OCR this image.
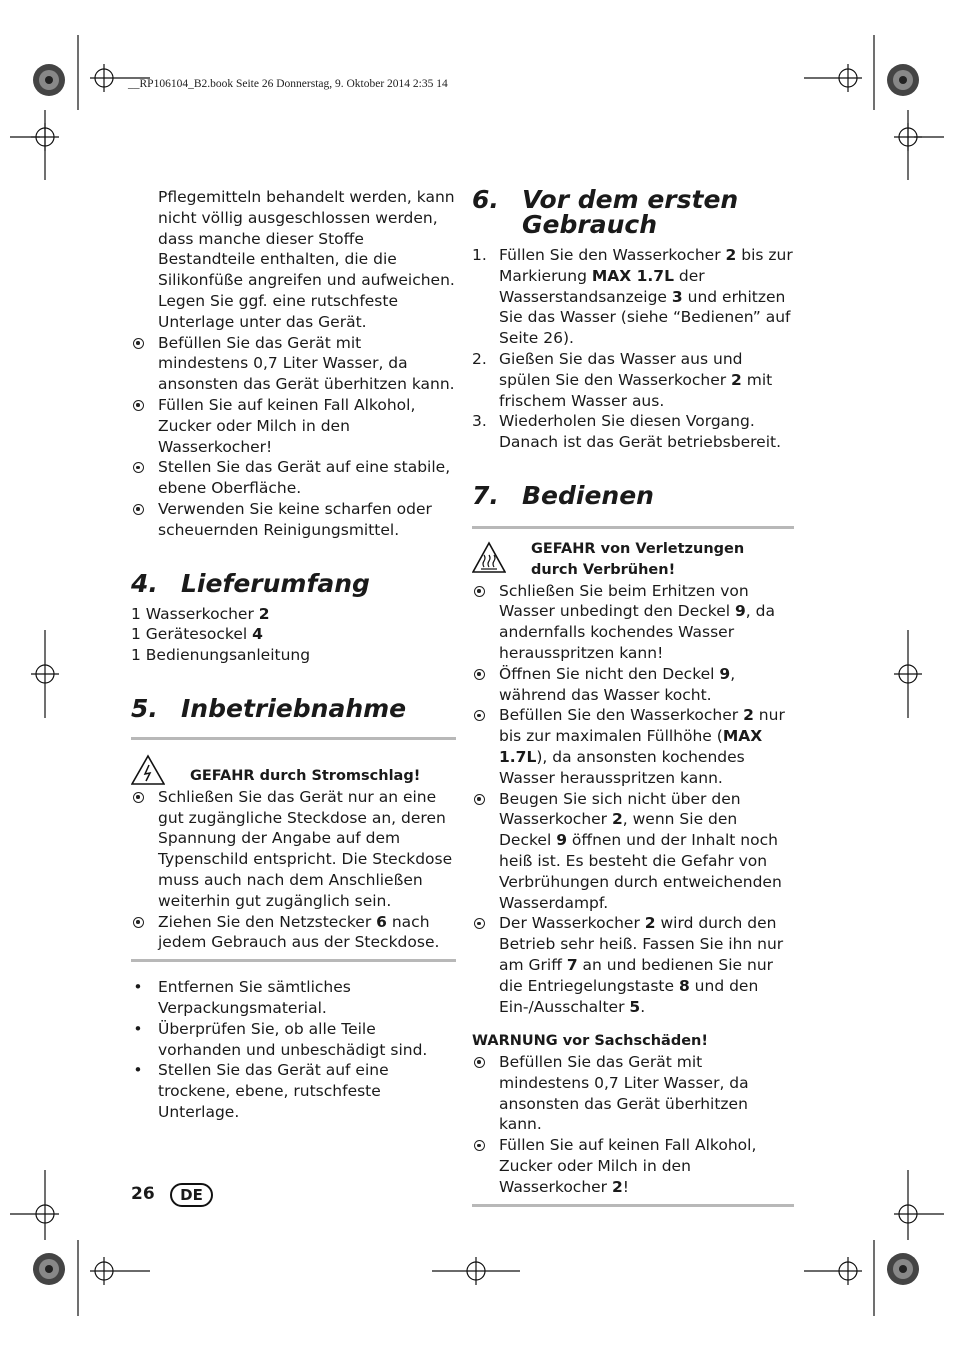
__RP106104_B2.book Seite 26 Donnerstag, 9. Oktober 2014 2:35 14

Pflegemitteln behandelt werden, kann nicht völlig ausgeschlossen werden, dass manche dieser Stoffe Bestandteile enthalten, die die Silikonfüße angreifen und aufweichen. Legen Sie ggf. eine rutschfeste Unterlage unter das Gerät.

Befüllen Sie das Gerät mit mindestens 0,7 Liter Wasser, da ansonsten das Gerät überhitzen kann.
Füllen Sie auf keinen Fall Alkohol, Zucker oder Milch in den Wasserkocher!
Stellen Sie das Gerät auf eine stabile, ebene Oberfläche.
Verwenden Sie keine scharfen oder scheuernden Reinigungsmittel.
4. Lieferumfang

1 Wasserkocher 2

1 Gerätesockel 4

1 Bedienungsanleitung

5. Inbetriebnahme
GEFAHR durch Stromschlag!
Schließen Sie das Gerät nur an eine gut zugängliche Steckdose an, deren Spannung der Angabe auf dem Typenschild entspricht. Die Steckdose muss auch nach dem Anschließen weiterhin gut zugänglich sein.
Ziehen Sie den Netzstecker 6 nach jedem Gebrauch aus der Steckdose.
• Entfernen Sie sämtliches Verpackungsmaterial.
• Überprüfen Sie, ob alle Teile vorhanden und unbeschädigt sind.
• Stellen Sie das Gerät auf eine trockene, ebene, rutschfeste Unterlage.
6. Vor dem ersten Gebrauch
1. Füllen Sie den Wasserkocher 2 bis zur Markierung MAX 1.7L der Wasserstandsanzeige 3 und erhitzen Sie das Wasser (siehe “Bedienen” auf Seite 26).
2. Gießen Sie das Wasser aus und spülen Sie den Wasserkocher 2 mit frischem Wasser aus.
3. Wiederholen Sie diesen Vorgang. Danach ist das Gerät betriebsbereit.
7. Bedienen
GEFAHR von Verletzungen durch Verbrühen!
Schließen Sie beim Erhitzen von Wasser unbedingt den Deckel 9, da andernfalls kochendes Wasser herausspritzen kann!
Öffnen Sie nicht den Deckel 9, während das Wasser kocht.
Befüllen Sie den Wasserkocher 2 nur bis zur maximalen Füllhöhe (MAX 1.7L), da ansonsten kochendes Wasser herausspritzen kann.
Beugen Sie sich nicht über den Wasserkocher 2, wenn Sie den Deckel 9 öffnen und der Inhalt noch heiß ist. Es besteht die Gefahr von Verbrühungen durch entweichenden Wasserdampf.
Der Wasserkocher 2 wird durch den Betrieb sehr heiß. Fassen Sie ihn nur am Griff 7 an und bedienen Sie nur die Entriegelungstaste 8 und den Ein-/Ausschalter 5.
WARNUNG vor Sachschäden!
Befüllen Sie das Gerät mit mindestens 0,7 Liter Wasser, da ansonsten das Gerät überhitzen kann.
Füllen Sie auf keinen Fall Alkohol, Zucker oder Milch in den Wasserkocher 2!
26	DE
